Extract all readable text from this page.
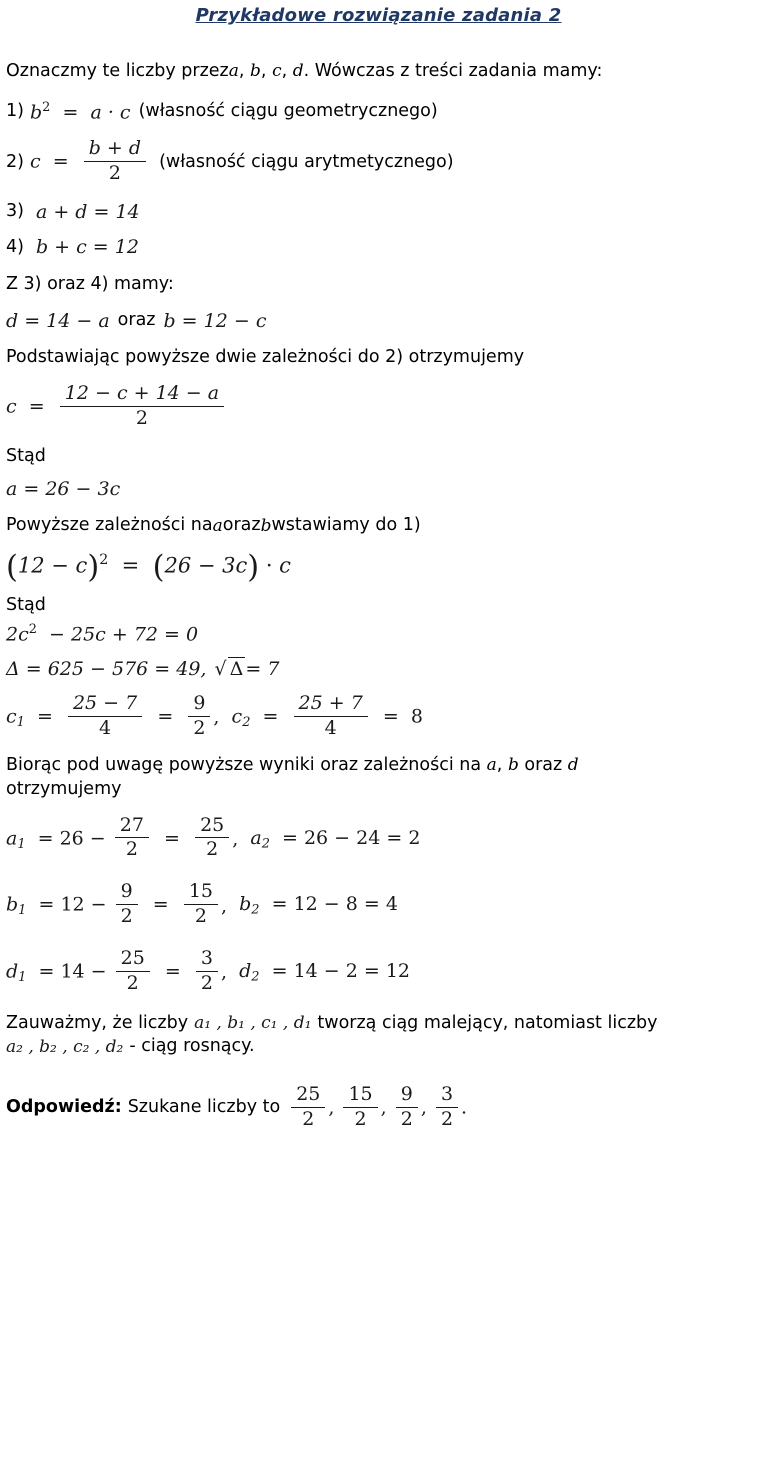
Przykładowe rozwiązanie zadania 2
Oznaczmy te liczby przez a , b , c , d . Wówczas z treści zadania mamy:
1) $b^2 = a \cdot c$ (własność ciągu geometrycznego)
2) $c = \frac{b + d}{2}$ (własność ciągu arytmetycznego)
3) a + d = 14
4) b + c = 12
Z 3) oraz 4) mamy:
d = 14 − a oraz b = 12 − c
Podstawiając powyższe dwie zależności do 2) otrzymujemy
$c = \frac{12 - c + 14 - a}{2}$
Stąd
a = 26 − 3c
Powyższe zależności na a oraz b wstawiamy do 1)
$(12 - c)^2 = (26 - 3c) \cdot c$
Stąd
$2c^2 - 25c + 72 = 0$
Δ = 625 − 576 = 49, √ Δ = 7
$c_1 = \frac{25 - 7}{4} = \frac{9}{2}$ , $c_2 = \frac{25 + 7}{4} = 8$
Biorąc pod uwagę powyższe wyniki oraz zależności na a, b oraz d
otrzymujemy
$a_1 = 26 - \frac{27}{2} = \frac{25}{2}$ , $a_2 = 26 - 24 = 2$
$b_1 = 12 - \frac{9}{2} = \frac{15}{2}$ , $b_2 = 12 - 8 = 4$
$d_1 = 14 - \frac{25}{2} = \frac{3}{2}$ , $d_2 = 14 - 2 = 12$
Zauważmy, że liczby a₁ , b₁ , c₁ , d₁ tworzą ciąg malejący, natomiast liczby
a₂ , b₂ , c₂ , d₂ - ciąg rosnący.
Odpowiedź: Szukane liczby to $\frac{25}{2}$ , $\frac{15}{2}$ , $\frac{9}{2}$ , $\frac{3}{2}$ .
